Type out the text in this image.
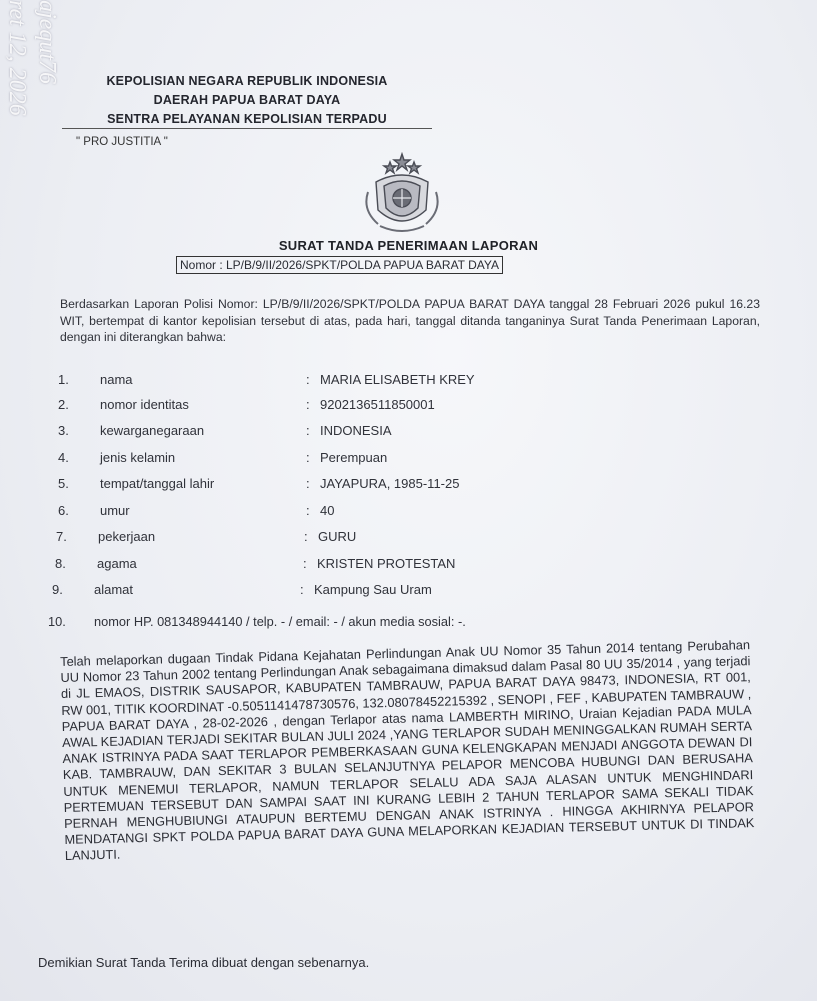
ajequt76
ret 12, 2026	KEPOLISIAN NEGARA REPUBLIK INDONESIA
DAERAH PAPUA BARAT DAYA
SENTRA PELAYANAN KEPOLISIAN TERPADU
" PRO JUSTITIA "
SURAT TANDA PENERIMAAN LAPORAN
Nomor : LP/B/9/II/2026/SPKT/POLDA PAPUA BARAT DAYA
Berdasarkan Laporan Polisi Nomor: LP/B/9/II/2026/SPKT/POLDA PAPUA BARAT DAYA tanggal 28 Februari 2026 pukul 16.23 WIT, bertempat di kantor kepolisian tersebut di atas, pada hari, tanggal ditanda tanganinya Surat Tanda Penerimaan Laporan, dengan ini diterangkan bahwa:
1.	nama	: MARIA ELISABETH KREY
2.	nomor identitas	: 9202136511850001
3.	kewarganegaraan	: INDONESIA
4.	jenis kelamin	: Perempuan
5.	tempat/tanggal lahir	: JAYAPURA, 1985-11-25
6.	umur	: 40
7.	pekerjaan	: GURU
8.	agama	: KRISTEN PROTESTAN
9.	alamat	: Kampung Sau Uram
10. nomor HP. 081348944140 / telp. - / email: - / akun media sosial: -.
Telah melaporkan dugaan Tindak Pidana Kejahatan Perlindungan Anak UU Nomor 35 Tahun 2014 tentang Perubahan UU Nomor 23 Tahun 2002 tentang Perlindungan Anak sebagaimana dimaksud dalam Pasal 80 UU 35/2014 , yang terjadi di JL EMAOS, DISTRIK SAUSAPOR, KABUPATEN TAMBRAUW, PAPUA BARAT DAYA 98473, INDONESIA, RT 001, RW 001, TITIK KOORDINAT -0.5051141478730576, 132.08078452215392 , SENOPI , FEF , KABUPATEN TAMBRAUW , PAPUA BARAT DAYA , 28-02-2026 , dengan Terlapor atas nama LAMBERTH MIRINO, Uraian Kejadian PADA MULA AWAL KEJADIAN TERJADI SEKITAR BULAN JULI 2024 ,YANG TERLAPOR SUDAH MENINGGALKAN RUMAH SERTA ANAK ISTRINYA PADA SAAT TERLAPOR PEMBERKASAAN GUNA KELENGKAPAN MENJADI ANGGOTA DEWAN DI KAB. TAMBRAUW, DAN SEKITAR 3 BULAN SELANJUTNYA PELAPOR MENCOBA HUBUNGI DAN BERUSAHA UNTUK MENEMUI TERLAPOR, NAMUN TERLAPOR SELALU ADA SAJA ALASAN UNTUK MENGHINDARI PERTEMUAN TERSEBUT DAN SAMPAI SAAT INI KURANG LEBIH 2 TAHUN TERLAPOR SAMA SEKALI TIDAK PERNAH MENGHUBIUNGI ATAUPUN BERTEMU DENGAN ANAK ISTRINYA . HINGGA AKHIRNYA PELAPOR MENDATANGI SPKT POLDA PAPUA BARAT DAYA GUNA MELAPORKAN KEJADIAN TERSEBUT UNTUK DI TINDAK LANJUTI.
Demikian Surat Tanda Terima dibuat dengan sebenarnya.
